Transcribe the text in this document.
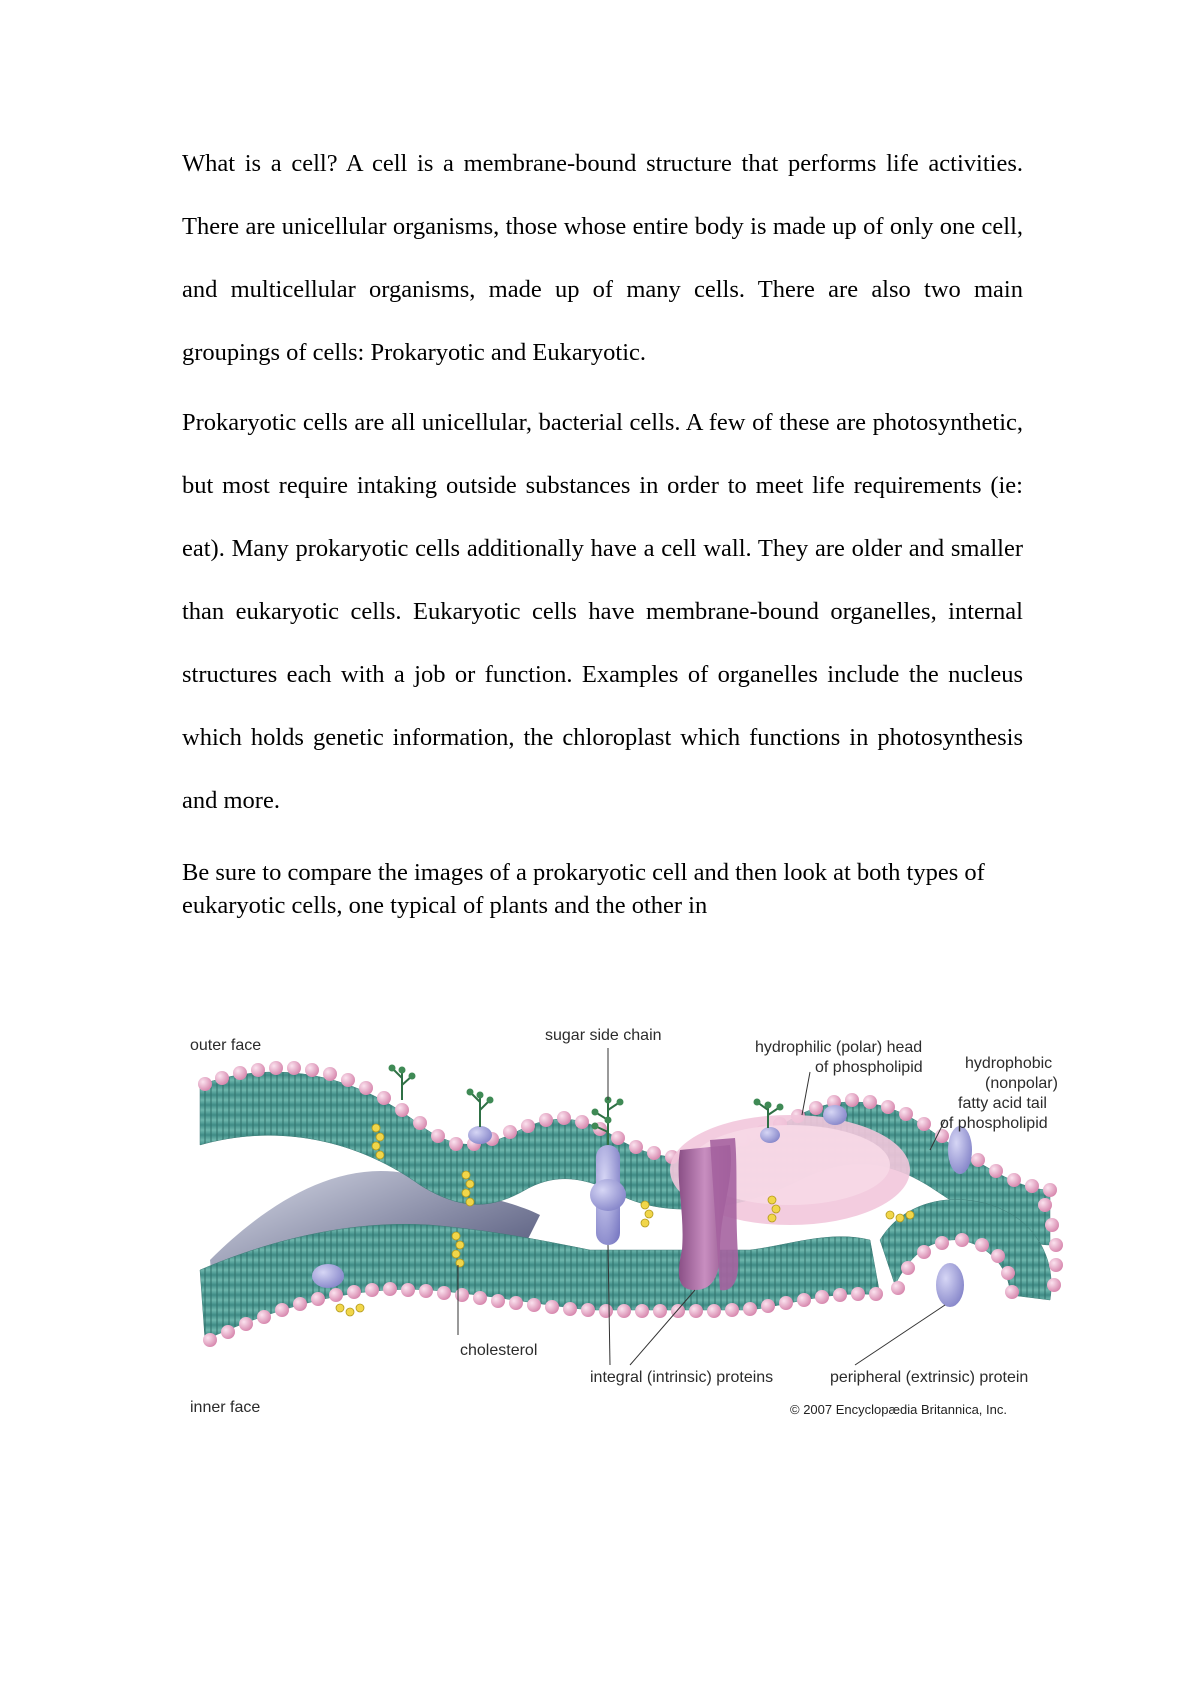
What is a cell? A cell is a membrane-bound structure that performs life activities. There are unicellular organisms, those whose entire body is made up of only one cell, and multicellular organisms, made up of many cells. There are also two main groupings of cells: Prokaryotic and Eukaryotic.

Prokaryotic cells are all unicellular, bacterial cells. A few of these are photosynthetic, but most require intaking outside substances in order to meet life requirements (ie: eat). Many prokaryotic cells additionally have a cell wall. They are older and smaller than eukaryotic cells. Eukaryotic cells have membrane-bound organelles, internal structures each with a job or function. Examples of organelles include the nucleus which holds genetic information, the chloroplast which functions in photosynthesis and more.

Be sure to compare the images of a prokaryotic cell and then look at both types of eukaryotic cells, one typical of plants and the other in

outer face
inner face
sugar side chain
hydrophilic (polar) head
of phospholipid	hydrophobic
(nonpolar)
fatty acid tail
of phospholipid
cholesterol
integral (intrinsic) proteins	peripheral (extrinsic) protein
© 2007 Encyclopædia Britannica, Inc.
